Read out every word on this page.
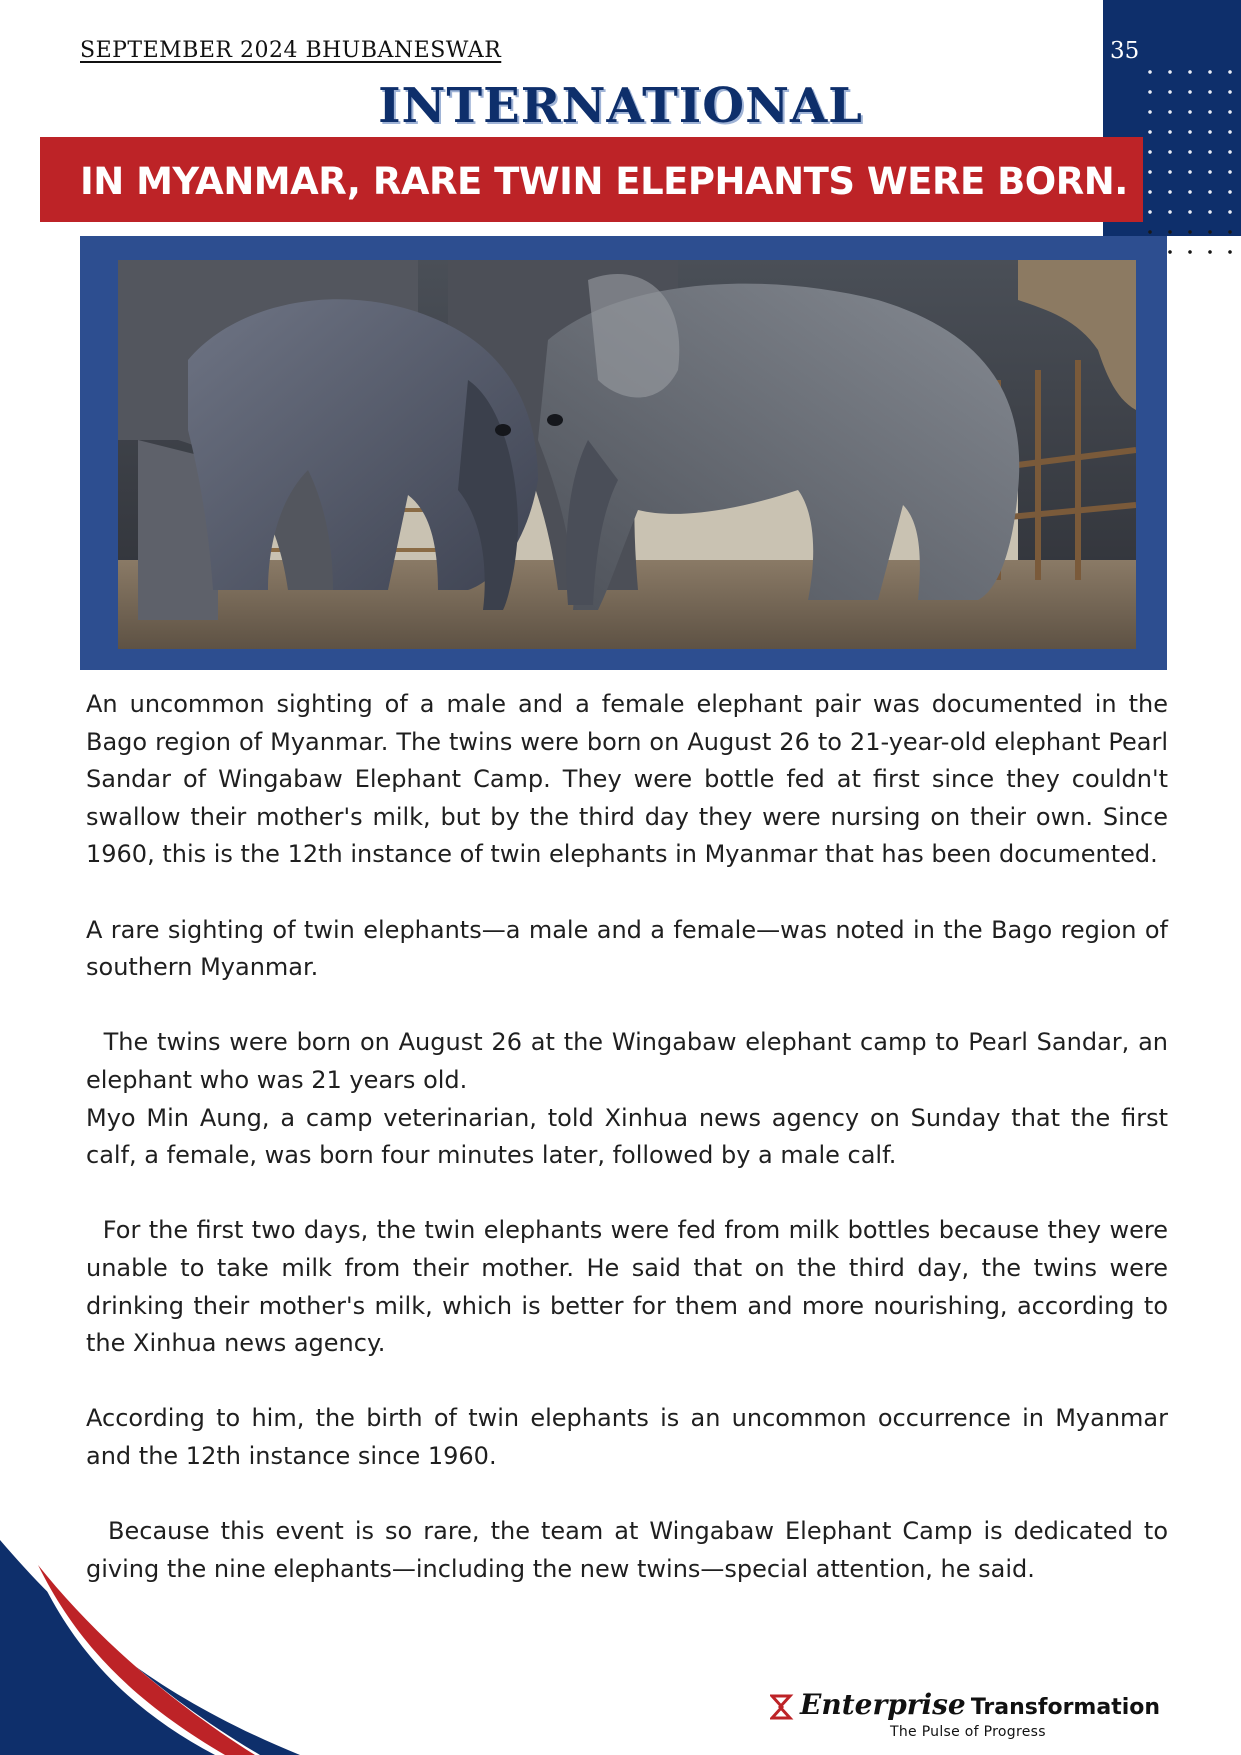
SEPTEMBER 2024 BHUBANESWAR	35
INTERNATIONAL
IN MYANMAR, RARE TWIN ELEPHANTS WERE BORN.

An uncommon sighting of a male and a female elephant pair was documented in the Bago region of Myanmar. The twins were born on August 26 to 21-year-old elephant Pearl Sandar of Wingabaw Elephant Camp. They were bottle fed at first since they couldn't swallow their mother's milk, but by the third day they were nursing on their own. Since 1960, this is the 12th instance of twin elephants in Myanmar that has been documented.

A rare sighting of twin elephants—a male and a female—was noted in the Bago region of southern Myanmar.

The twins were born on August 26 at the Wingabaw elephant camp to Pearl Sandar, an elephant who was 21 years old.

Myo Min Aung, a camp veterinarian, told Xinhua news agency on Sunday that the first calf, a female, was born four minutes later, followed by a male calf.

For the first two days, the twin elephants were fed from milk bottles because they were unable to take milk from their mother. He said that on the third day, the twins were drinking their mother's milk, which is better for them and more nourishing, according to the Xinhua news agency.

According to him, the birth of twin elephants is an uncommon occurrence in Myanmar and the 12th instance since 1960.

Because this event is so rare, the team at Wingabaw Elephant Camp is dedicated to giving the nine elephants—including the new twins—special attention, he said.

Enterprise Transformation
The Pulse of Progress
